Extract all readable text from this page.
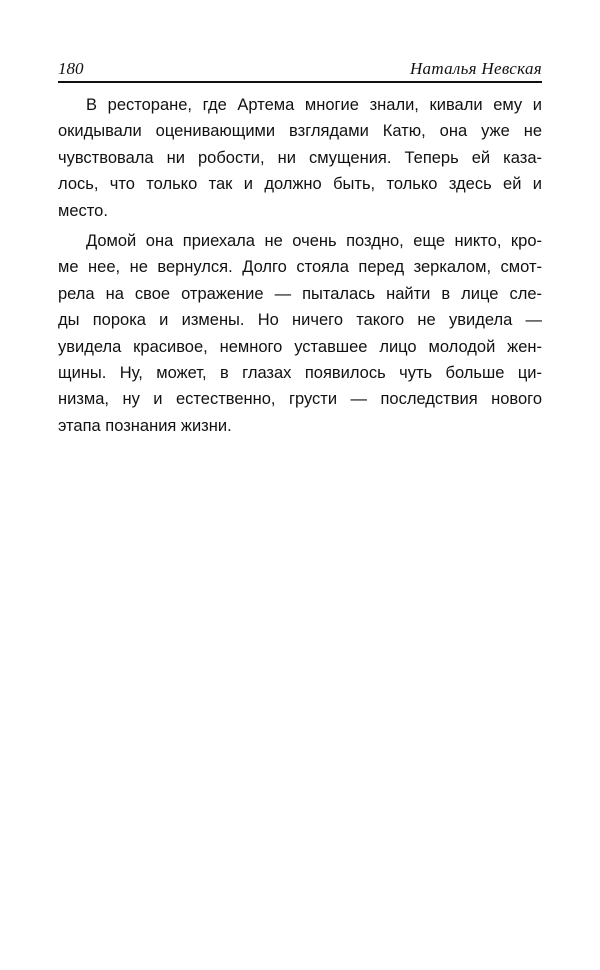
180	Наталья Невская
В ресторане, где Артема многие знали, кивали ему и
окидывали оценивающими взглядами Катю, она уже не
чувствовала ни робости, ни смущения. Теперь ей каза-
лось, что только так и должно быть, только здесь ей и
место.
Домой она приехала не очень поздно, еще никто, кро-
ме нее, не вернулся. Долго стояла перед зеркалом, смот-
рела на свое отражение — пыталась найти в лице сле-
ды порока и измены. Но ничего такого не увидела —
увидела красивое, немного уставшее лицо молодой жен-
щины. Ну, может, в глазах появилось чуть больше ци-
низма, ну и естественно, грусти — последствия нового
этапа познания жизни.
